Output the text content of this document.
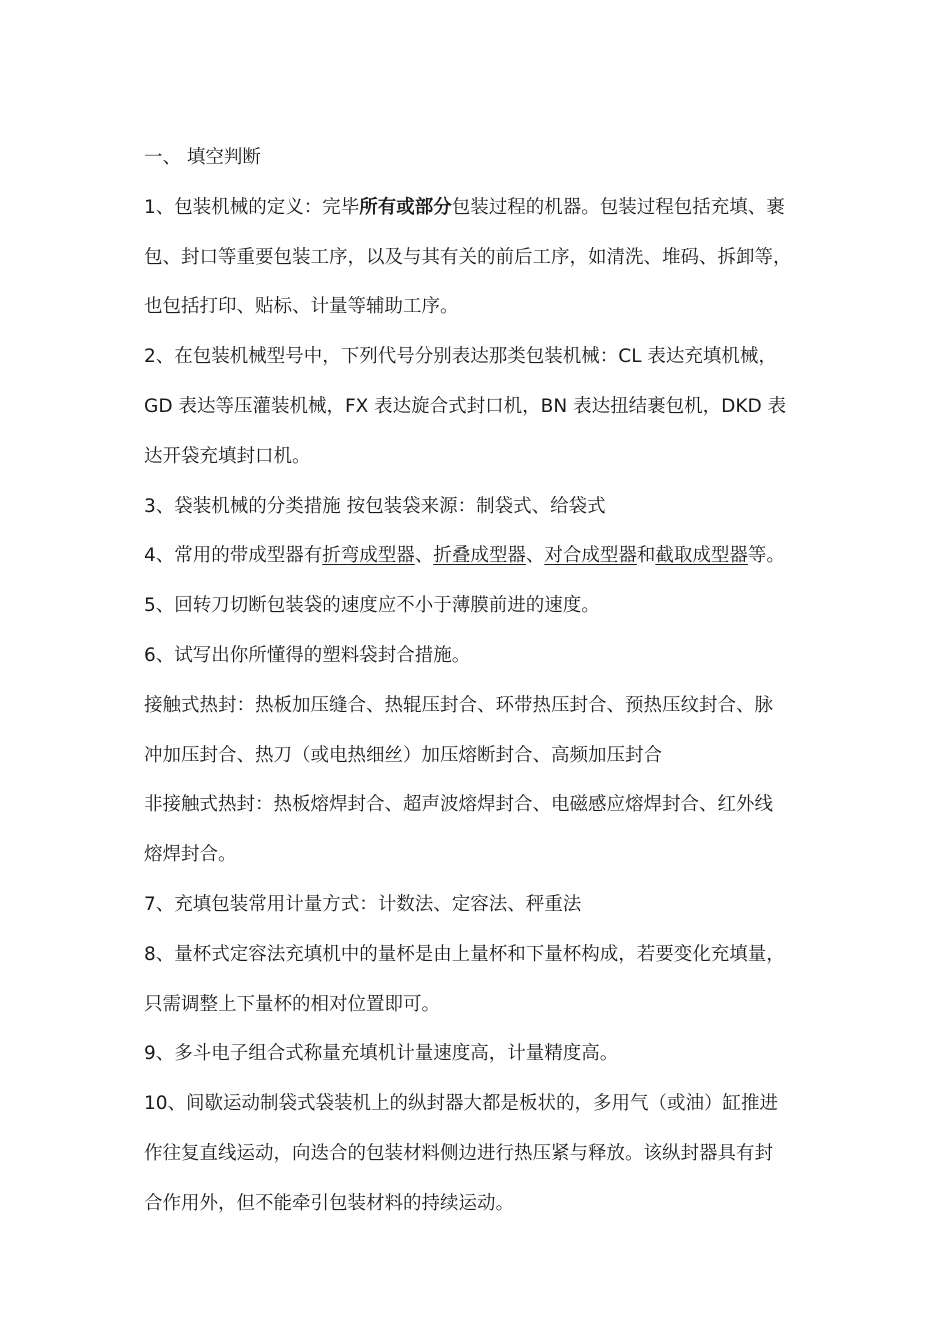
一、 填空判断
1、包装机械的定义：完毕所有或部分包装过程的机器。包装过程包括充填、裹
包、封口等重要包装工序，以及与其有关的前后工序，如清洗、堆码、拆卸等，
也包括打印、贴标、计量等辅助工序。
2、在包装机械型号中，下列代号分别表达那类包装机械：CL 表达充填机械，
GD 表达等压灌装机械，FX 表达旋合式封口机，BN 表达扭结裹包机，DKD 表
达开袋充填封口机。
3、袋装机械的分类措施 按包装袋来源：制袋式、给袋式
4、常用的带成型器有折弯成型器、折叠成型器、对合成型器和截取成型器等。
5、回转刀切断包装袋的速度应不小于薄膜前进的速度。
6、试写出你所懂得的塑料袋封合措施。
接触式热封：热板加压缝合、热辊压封合、环带热压封合、预热压纹封合、脉
冲加压封合、热刀（或电热细丝）加压熔断封合、高频加压封合
非接触式热封：热板熔焊封合、超声波熔焊封合、电磁感应熔焊封合、红外线
熔焊封合。
7、充填包装常用计量方式：计数法、定容法、秤重法
8、量杯式定容法充填机中的量杯是由上量杯和下量杯构成，若要变化充填量，
只需调整上下量杯的相对位置即可。
9、多斗电子组合式称量充填机计量速度高，计量精度高。
10、间歇运动制袋式袋装机上的纵封器大都是板状的，多用气（或油）缸推进
作往复直线运动，向迭合的包装材料侧边进行热压紧与释放。该纵封器具有封
合作用外，但不能牵引包装材料的持续运动。
